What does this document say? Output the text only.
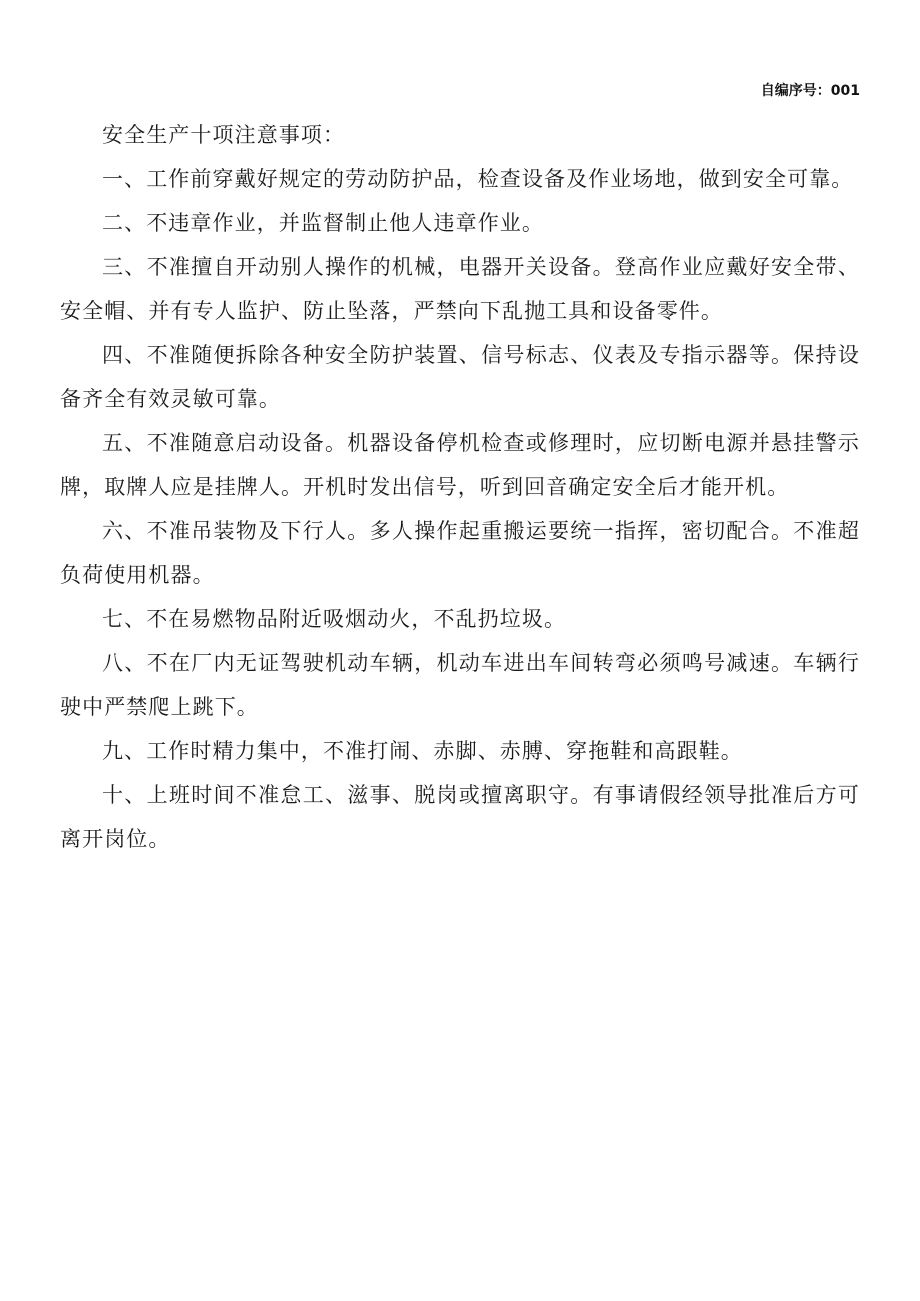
自编序号：001

安全生产十项注意事项：

一、工作前穿戴好规定的劳动防护品，检查设备及作业场地，做到安全可靠。

二、不违章作业，并监督制止他人违章作业。

三、不准擅自开动别人操作的机械，电器开关设备。登高作业应戴好安全带、安全帽、并有专人监护、防止坠落，严禁向下乱抛工具和设备零件。

四、不准随便拆除各种安全防护装置、信号标志、仪表及专指示器等。保持设备齐全有效灵敏可靠。

五、不准随意启动设备。机器设备停机检查或修理时，应切断电源并悬挂警示牌，取牌人应是挂牌人。开机时发出信号，听到回音确定安全后才能开机。

六、不准吊装物及下行人。多人操作起重搬运要统一指挥，密切配合。不准超负荷使用机器。

七、不在易燃物品附近吸烟动火，不乱扔垃圾。

八、不在厂内无证驾驶机动车辆，机动车进出车间转弯必须鸣号减速。车辆行驶中严禁爬上跳下。

九、工作时精力集中，不准打闹、赤脚、赤膊、穿拖鞋和高跟鞋。

十、上班时间不准怠工、滋事、脱岗或擅离职守。有事请假经领导批准后方可离开岗位。
